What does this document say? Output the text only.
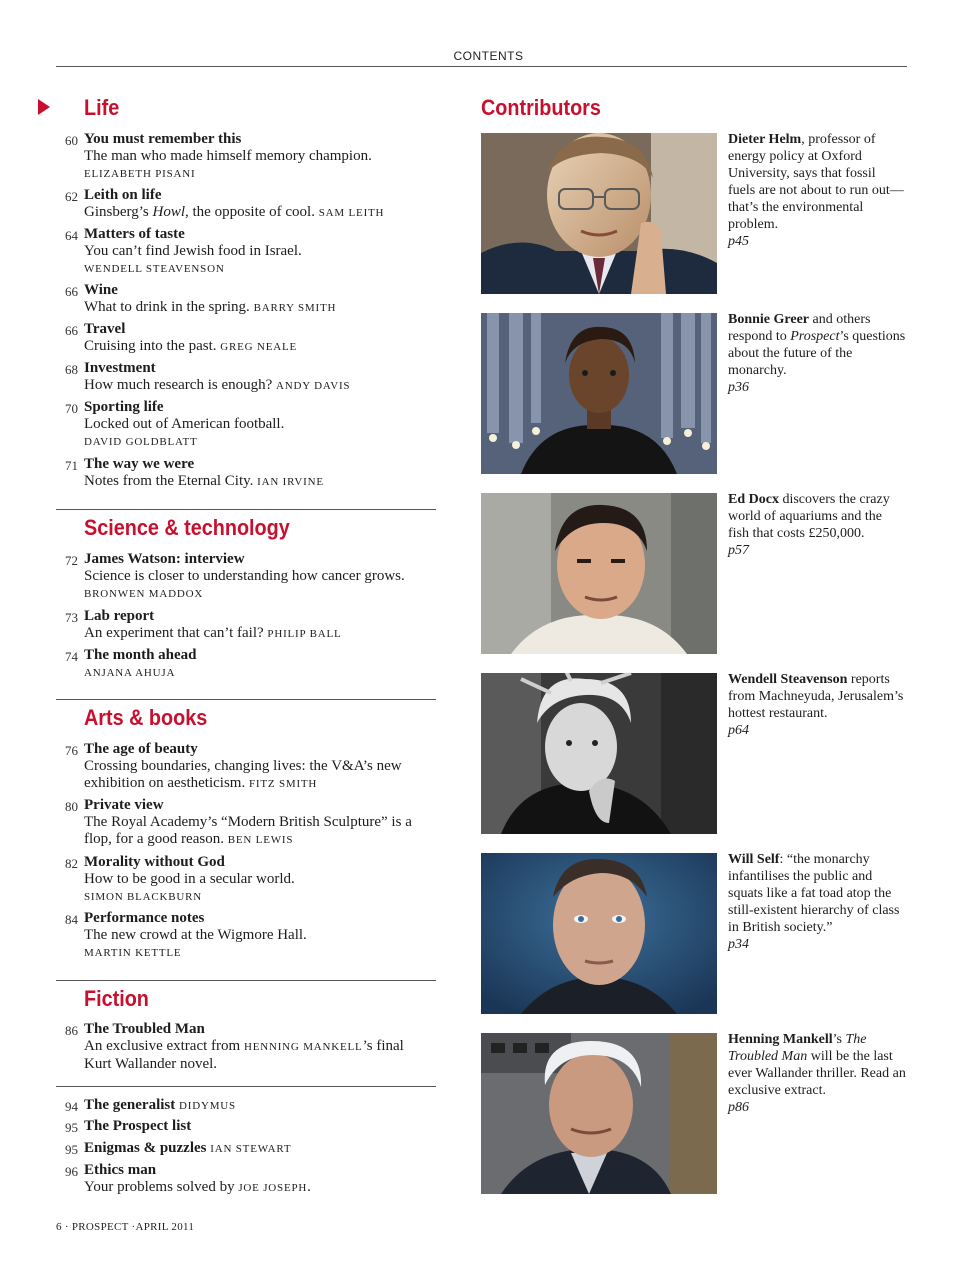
CONTENTS
Life
60 You must remember this
The man who made himself memory champion.
ELIZABETH PISANI
62 Leith on life
Ginsberg’s Howl, the opposite of cool. SAM LEITH
64 Matters of taste
You can’t find Jewish food in Israel.
WENDELL STEAVENSON
66 Wine
What to drink in the spring. BARRY SMITH
66 Travel
Cruising into the past. GREG NEALE
68 Investment
How much research is enough? ANDY DAVIS
70 Sporting life
Locked out of American football.
DAVID GOLDBLATT
71 The way we were
Notes from the Eternal City. IAN IRVINE
Science & technology
72 James Watson: interview
Science is closer to understanding how cancer grows.
BRONWEN MADDOX
73 Lab report
An experiment that can’t fail? PHILIP BALL
74 The month ahead
ANJANA AHUJA
Arts & books
76 The age of beauty
Crossing boundaries, changing lives: the V&A’s new exhibition on aestheticism. FITZ SMITH
80 Private view
The Royal Academy’s “Modern British Sculpture” is a flop, for a good reason. BEN LEWIS
82 Morality without God
How to be good in a secular world.
SIMON BLACKBURN
84 Performance notes
The new crowd at the Wigmore Hall.
MARTIN KETTLE
Fiction
86 The Troubled Man
An exclusive extract from HENNING MANKELL’s final Kurt Wallander novel.
94 The generalist DIDYMUS
95 The Prospect list
95 Enigmas & puzzles IAN STEWART
96 Ethics man
Your problems solved by JOE JOSEPH.
Contributors
Dieter Helm, professor of energy policy at Oxford University, says that fossil fuels are not about to run out—that’s the environmental problem.
p45
Bonnie Greer and others respond to Prospect’s questions about the future of the monarchy.
p36
Ed Docx discovers the crazy world of aquariums and the fish that costs £250,000.
p57
Wendell Steavenson reports from Machneyuda, Jerusalem’s hottest restaurant.
p64
Will Self: “the monarchy infantilises the public and squats like a fat toad atop the still-existent hierarchy of class in British society.”
p34
Henning Mankell’s The Troubled Man will be the last ever Wallander thriller. Read an exclusive extract.
p86
6 · PROSPECT ·APRIL 2011
